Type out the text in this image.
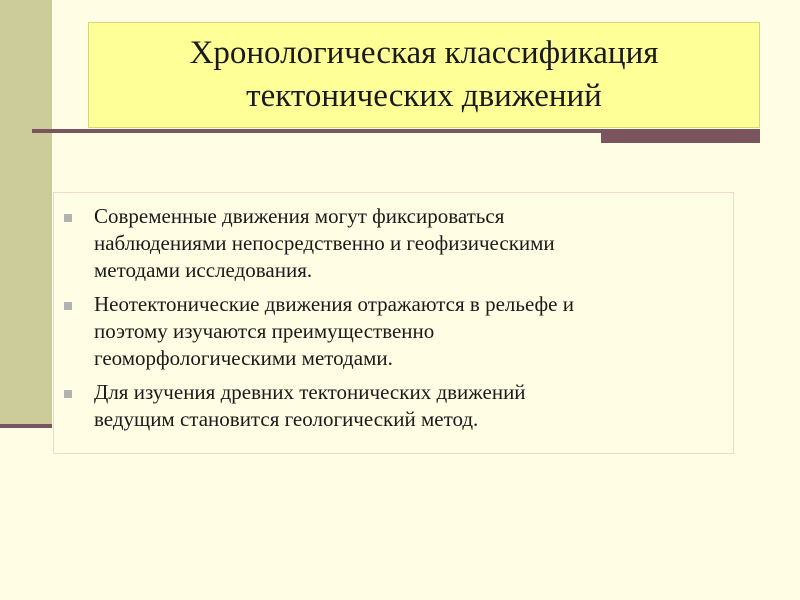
Хронологическая классификация
тектонических движений
Современные движения могут фиксироваться
наблюдениями непосредственно и геофизическими
методами исследования.
Неотектонические движения отражаются в рельефе и
поэтому изучаются преимущественно
геоморфологическими методами.
Для изучения древних тектонических движений
ведущим становится геологический метод.
